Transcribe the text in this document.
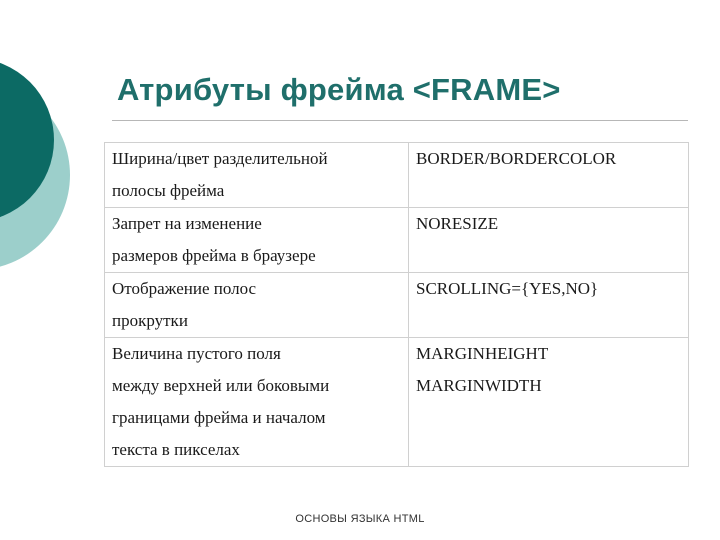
Атрибуты фрейма <FRAME>
Ширина/цвет разделительной
полосы фрейма	BORDER/BORDERCOLOR
Запрет на изменение
размеров фрейма в браузере	NORESIZE
Отображение полос
прокрутки	SCROLLING={YES,NO}
Величина пустого поля
между верхней или боковыми
границами фрейма и началом
текста в пикселах	MARGINHEIGHT
MARGINWIDTH
ОСНОВЫ ЯЗЫКА HTML
